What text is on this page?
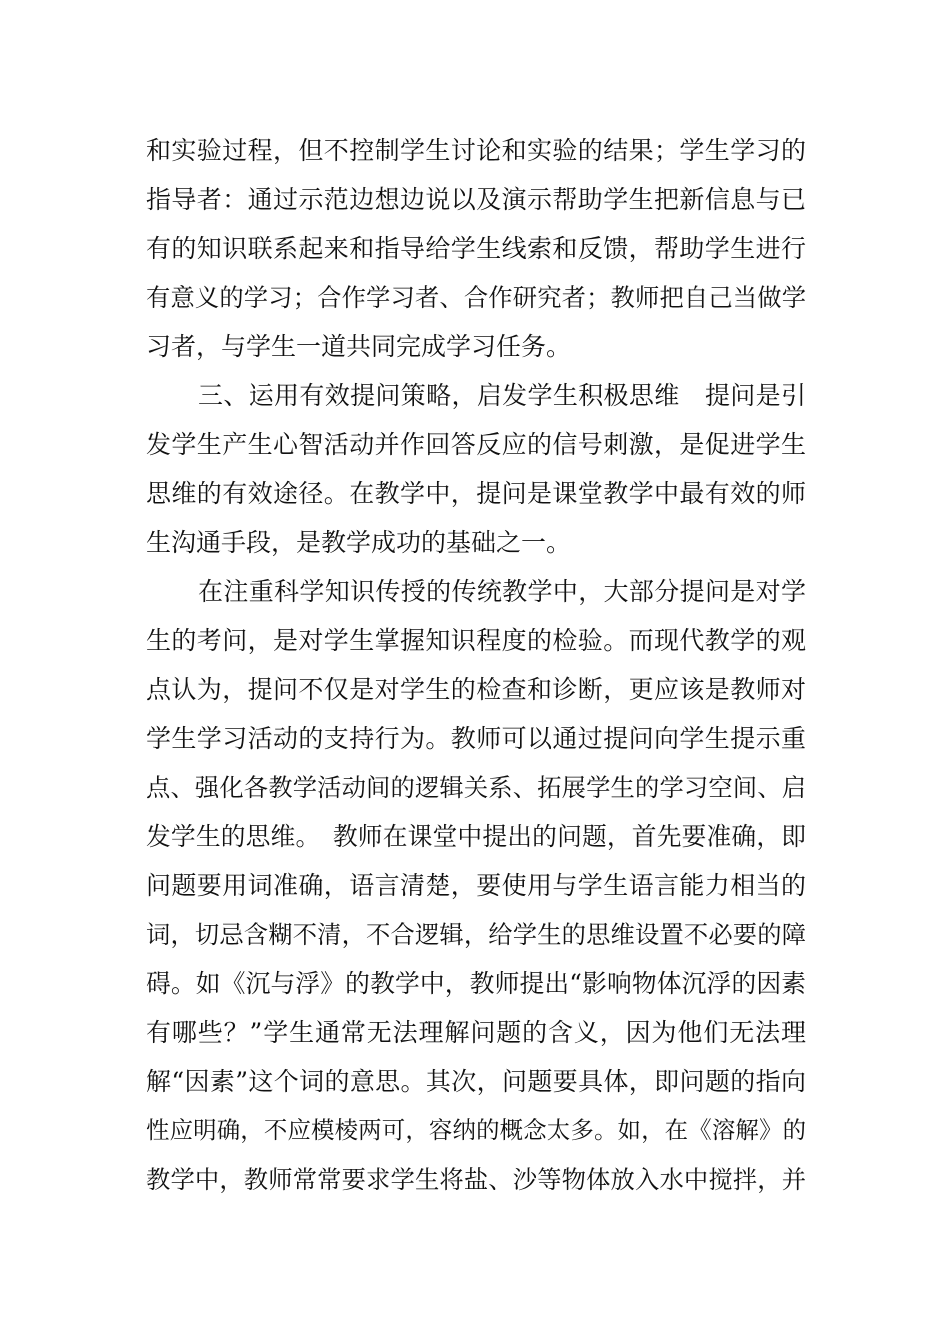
和实验过程，但不控制学生讨论和实验的结果；学生学习的
指导者：通过示范边想边说以及演示帮助学生把新信息与已
有的知识联系起来和指导给学生线索和反馈，帮助学生进行
有意义的学习；合作学习者、合作研究者；教师把自己当做学
习者，与学生一道共同完成学习任务。
三、运用有效提问策略，启发学生积极思维　提问是引
发学生产生心智活动并作回答反应的信号刺激，是促进学生
思维的有效途径。在教学中，提问是课堂教学中最有效的师
生沟通手段，是教学成功的基础之一。
在注重科学知识传授的传统教学中，大部分提问是对学
生的考问，是对学生掌握知识程度的检验。而现代教学的观
点认为，提问不仅是对学生的检查和诊断，更应该是教师对
学生学习活动的支持行为。教师可以通过提问向学生提示重
点、强化各教学活动间的逻辑关系、拓展学生的学习空间、启
发学生的思维。　教师在课堂中提出的问题，首先要准确，即
问题要用词准确，语言清楚，要使用与学生语言能力相当的
词，切忌含糊不清，不合逻辑，给学生的思维设置不必要的障
碍。如《沉与浮》的教学中，教师提出“影响物体沉浮的因素
有哪些？”学生通常无法理解问题的含义，因为他们无法理
解“因素”这个词的意思。其次，问题要具体，即问题的指向
性应明确，不应模棱两可，容纳的概念太多。如，在《溶解》的
教学中，教师常常要求学生将盐、沙等物体放入水中搅拌，并
